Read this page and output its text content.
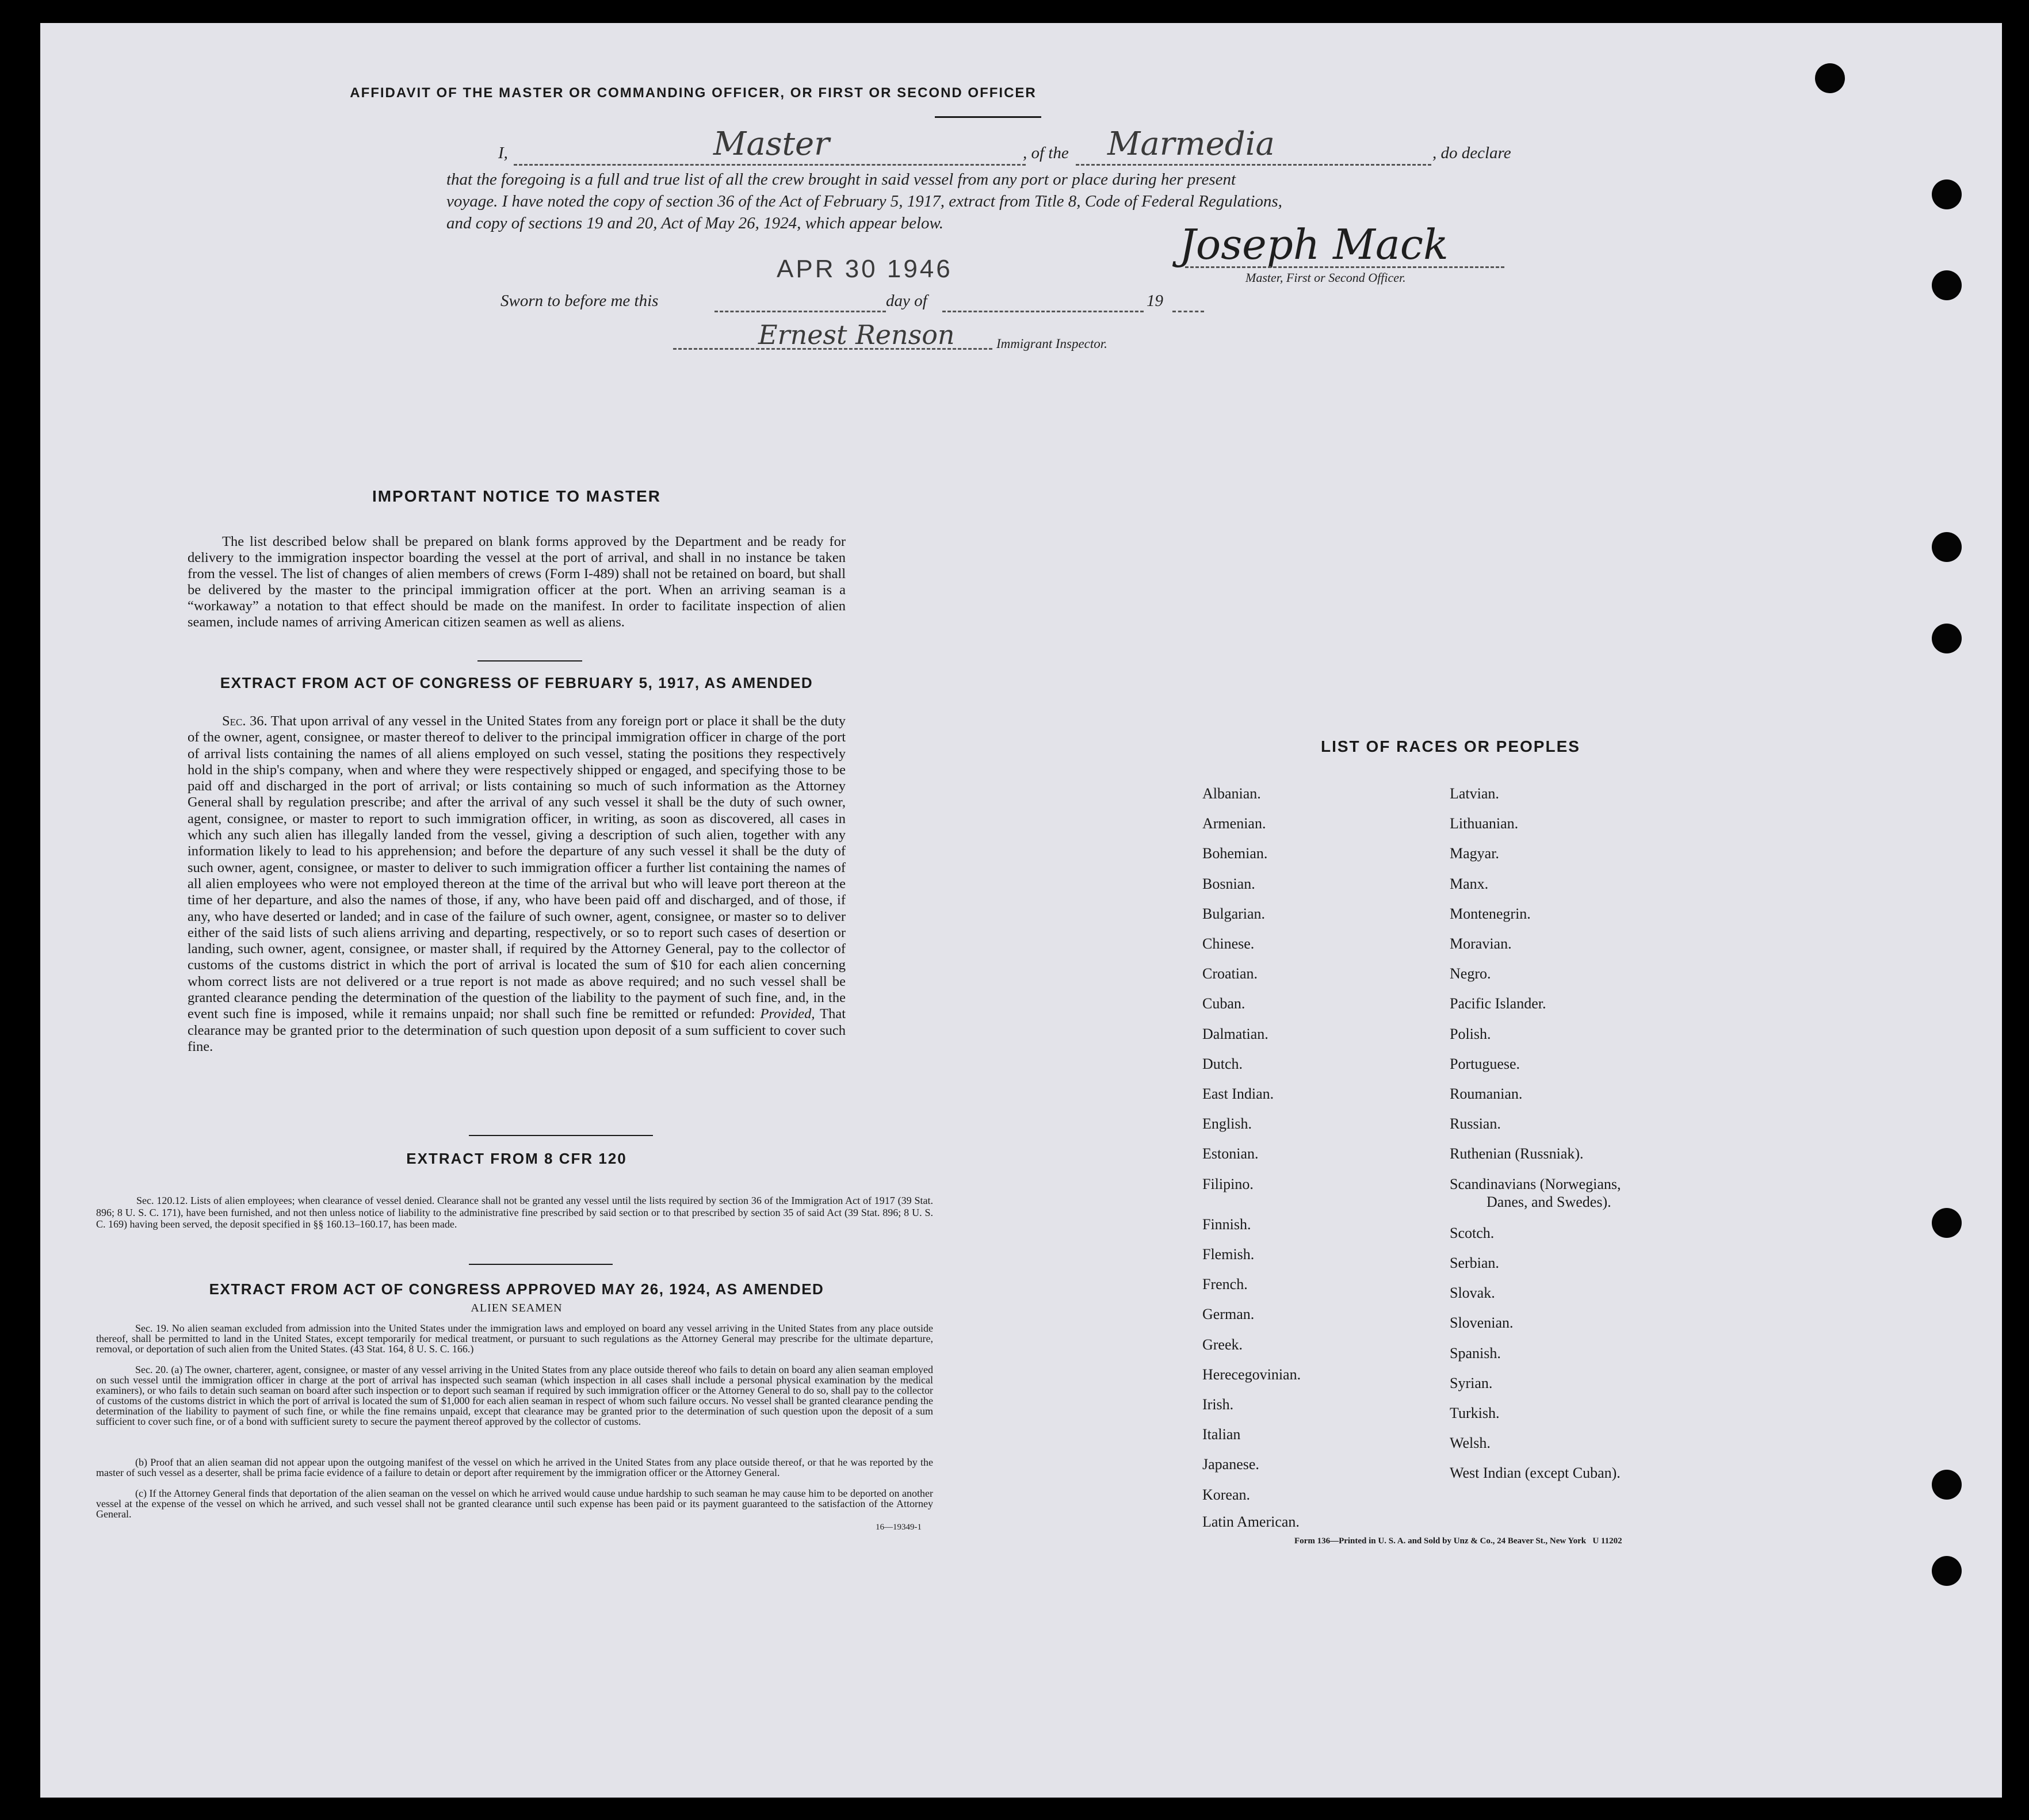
AFFIDAVIT OF THE MASTER OR COMMANDING OFFICER, OR FIRST OR SECOND OFFICER
I,	Master	, of the Marmedia	, do declare
that the foregoing is a full and true list of all the crew brought in said vessel from any port or place during her present
voyage. I have noted the copy of section 36 of the Act of February 5, 1917, extract from Title 8, Code of Federal Regulations,
and copy of sections 19 and 20, Act of May 26, 1924, which appear below.
APR 30 1946
Joseph Mack
Master, First or Second Officer.
Sworn to before me this	day of	19
Ernest Renson	Immigrant Inspector.
IMPORTANT NOTICE TO MASTER

The list described below shall be prepared on blank forms approved by the Department and be ready for delivery to the immigration inspector boarding the vessel at the port of arrival, and shall in no instance be taken from the vessel. The list of changes of alien members of crews (Form I-489) shall not be retained on board, but shall be delivered by the master to the principal immigration officer at the port. When an arriving seaman is a “workaway” a notation to that effect should be made on the manifest. In order to facilitate inspection of alien seamen, include names of arriving American citizen seamen as well as aliens.

EXTRACT FROM ACT OF CONGRESS OF FEBRUARY 5, 1917, AS AMENDED

Sec. 36. That upon arrival of any vessel in the United States from any foreign port or place it shall be the duty of the owner, agent, consignee, or master thereof to deliver to the principal immigration officer in charge of the port of arrival lists containing the names of all aliens employed on such vessel, stating the positions they respectively hold in the ship's company, when and where they were respectively shipped or engaged, and specifying those to be paid off and discharged in the port of arrival; or lists containing so much of such information as the Attorney General shall by regulation prescribe; and after the arrival of any such vessel it shall be the duty of such owner, agent, consignee, or master to report to such immigration officer, in writing, as soon as discovered, all cases in which any such alien has illegally landed from the vessel, giving a description of such alien, together with any information likely to lead to his apprehension; and before the departure of any such vessel it shall be the duty of such owner, agent, consignee, or master to deliver to such immigration officer a further list containing the names of all alien employees who were not employed thereon at the time of the arrival but who will leave port thereon at the time of her departure, and also the names of those, if any, who have been paid off and discharged, and of those, if any, who have deserted or landed; and in case of the failure of such owner, agent, consignee, or master so to deliver either of the said lists of such aliens arriving and departing, respectively, or so to report such cases of desertion or landing, such owner, agent, consignee, or master shall, if required by the Attorney General, pay to the collector of customs of the customs district in which the port of arrival is located the sum of $10 for each alien concerning whom correct lists are not delivered or a true report is not made as above required; and no such vessel shall be granted clearance pending the determination of the question of the liability to the payment of such fine, and, in the event such fine is imposed, while it remains unpaid; nor shall such fine be remitted or refunded: Provided, That clearance may be granted prior to the determination of such question upon deposit of a sum sufficient to cover such fine.

EXTRACT FROM 8 CFR 120

Sec. 120.12. Lists of alien employees; when clearance of vessel denied. Clearance shall not be granted any vessel until the lists required by section 36 of the Immigration Act of 1917 (39 Stat. 896; 8 U. S. C. 171), have been furnished, and not then unless notice of liability to the administrative fine prescribed by said section or to that prescribed by section 35 of said Act (39 Stat. 896; 8 U. S. C. 169) having been served, the deposit specified in §§ 160.13–160.17, has been made.

EXTRACT FROM ACT OF CONGRESS APPROVED MAY 26, 1924, AS AMENDED
ALIEN SEAMEN

Sec. 19. No alien seaman excluded from admission into the United States under the immigration laws and employed on board any vessel arriving in the United States from any place outside thereof, shall be permitted to land in the United States, except temporarily for medical treatment, or pursuant to such regulations as the Attorney General may prescribe for the ultimate departure, removal, or deportation of such alien from the United States. (43 Stat. 164, 8 U. S. C. 166.)

Sec. 20. (a) The owner, charterer, agent, consignee, or master of any vessel arriving in the United States from any place outside thereof who fails to detain on board any alien seaman employed on such vessel until the immigration officer in charge at the port of arrival has inspected such seaman (which inspection in all cases shall include a personal physical examination by the medical examiners), or who fails to detain such seaman on board after such inspection or to deport such seaman if required by such immigration officer or the Attorney General to do so, shall pay to the collector of customs of the customs district in which the port of arrival is located the sum of $1,000 for each alien seaman in respect of whom such failure occurs. No vessel shall be granted clearance pending the determination of the liability to payment of such fine, or while the fine remains unpaid, except that clearance may be granted prior to the determination of such question upon the deposit of a sum sufficient to cover such fine, or of a bond with sufficient surety to secure the payment thereof approved by the collector of customs.

(b) Proof that an alien seaman did not appear upon the outgoing manifest of the vessel on which he arrived in the United States from any place outside thereof, or that he was reported by the master of such vessel as a deserter, shall be prima facie evidence of a failure to detain or deport after requirement by the immigration officer or the Attorney General.

(c) If the Attorney General finds that deportation of the alien seaman on the vessel on which he arrived would cause undue hardship to such seaman he may cause him to be deported on another vessel at the expense of the vessel on which he arrived, and such vessel shall not be granted clearance until such expense has been paid or its payment guaranteed to the satisfaction of the Attorney General.

16—19349-1
LIST OF RACES OR PEOPLES
Albanian.
Armenian.
Bohemian.
Bosnian.
Bulgarian.
Chinese.
Croatian.
Cuban.
Dalmatian.
Dutch.
East Indian.
English.
Estonian.
Filipino.
Finnish.
Flemish.
French.
German.
Greek.
Herecegovinian.
Irish.
Italian
Japanese.
Korean.
Latin American.
Latvian.
Lithuanian.
Magyar.
Manx.
Montenegrin.
Moravian.
Negro.
Pacific Islander.
Polish.
Portuguese.
Roumanian.
Russian.
Ruthenian (Russniak).
Scandinavians (Norwegians,
Danes, and Swedes).
Scotch.
Serbian.
Slovak.
Slovenian.
Spanish.
Syrian.
Turkish.
Welsh.
West Indian (except Cuban).
Form 136—Printed in U. S. A. and Sold by Unz & Co., 24 Beaver St., New York   U 11202
